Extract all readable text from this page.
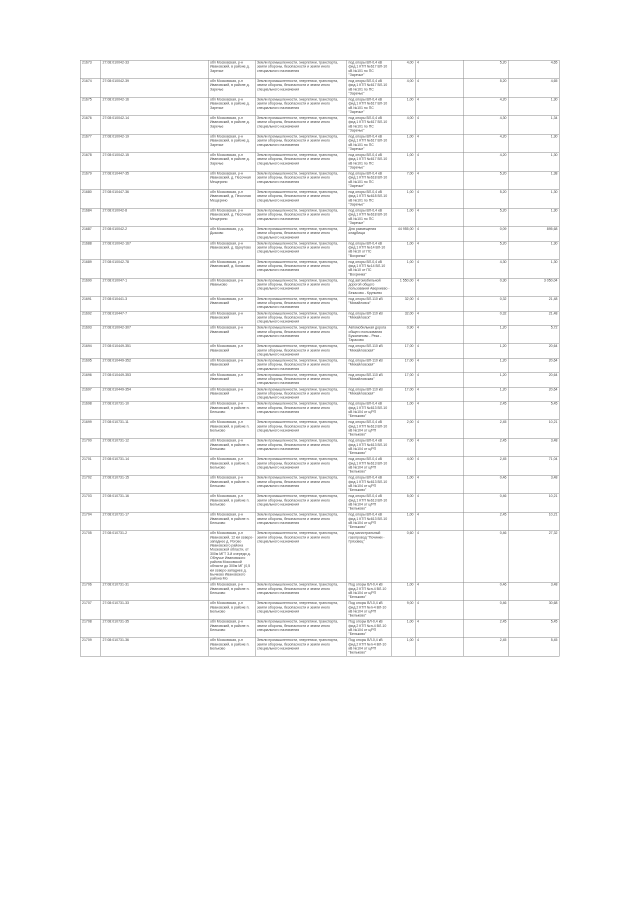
21673	27:08:010042-33	обл Московская, р-н Ивановский, в районе д. Заречье	Земли промышленности, энергетики, транспорта, земли обороны, безопасности и земли иного специального назначения	под опоры ВЛ-0,4 кВ фид.1 КТП №617 ВЛ-10 кВ №101 по ПС "Заречье"	4,00	4	5,20	4,65
21674	27:08:010042-39	обл Московская, р-н Ивановский, в районе д. Заречье	Земли промышленности, энергетики, транспорта, земли обороны, безопасности и земли иного специального назначения	под опоры ВЛ-0,4 кВ фид.1 КТП №617 ВЛ-10 кВ №101 по ПС "Заречье"	4,00	4	5,20	4,65
21675	27:08:010042-16	обл Московская, р-н Ивановский, в районе д. Заречье	Земли промышленности, энергетики, транспорта, земли обороны, безопасности и земли иного специального назначения	под опоры ВЛ-0,4 кВ фид.1 КТП №617 ВЛ-10 кВ №101 по ПС "Заречье"	1,00	4	4,20	1,30
21676	27:08:010042-14	обл Московская, р-н Ивановский, в районе д. Заречье	Земли промышленности, энергетики, транспорта, земли обороны, безопасности и земли иного специального назначения	под опоры ВЛ-0,4 кВ фид.1 КТП №617 ВЛ-10 кВ №101 по ПС "Заречье"	4,00	4	4,30	1,34
21677	27:08:010042-19	обл Московская, р-н Ивановский, в районе д. Заречье	Земли промышленности, энергетики, транспорта, земли обороны, безопасности и земли иного специального назначения	под опоры ВЛ-0,4 кВ фид.1 КТП №617 ВЛ-10 кВ №101 по ПС "Заречье"	1,00	4	4,20	1,30
21678	27:08:010042-15	обл Московская, р-н Ивановский, в районе д. Заречье	Земли промышленности, энергетики, транспорта, земли обороны, безопасности и земли иного специального назначения	под опоры ВЛ-0,4 кВ фид.1 КТП №617 ВЛ-10 кВ №101 по ПС "Заречье"	1,00	4	4,20	1,30
21679	27:08:010447-35	обл Московская, р-н Ивановский, д. Песочная Мещерино	Земли промышленности, энергетики, транспорта, земли обороны, безопасности и земли иного специального назначения	под опоры ВЛ-0,4 кВ фид.1 КТП №618 ВЛ-10 кВ №101 по ПС "Заречье"	7,00	4	5,20	1,38
21680	27:08:010447-36	обл Московская, р-н Ивановский, д. Песочная Мещерино	Земли промышленности, энергетики, транспорта, земли обороны, безопасности и земли иного специального назначения	под опоры ВЛ-0,4 кВ фид.1 КТП №618 ВЛ-10 кВ №101 по ПС "Заречье"	1,00	4	5,20	1,30
21684	27:08:010042-8	обл Московская, р-н Ивановский, д. Песочная Мещерино	Земли промышленности, энергетики, транспорта, земли обороны, безопасности и земли иного специального назначения	под опоры ВЛ-0,4 кВ фид.1 КТП №618 ВЛ-10 кВ №101 по ПС "Заречье"	1,00	4	5,20	1,30
21687	27:08:010042-2	обл Московская, у д. Дьяково	Земли промышленности, энергетики, транспорта, земли обороны, безопасности и земли иного специального назначения	Для размещения кладбища	44 955,00	4	0,09	895,68
21688	27:08:010042-167	обл Московская, р-н Ивановский, д. Щекутово	Земли промышленности, энергетики, транспорта, земли обороны, безопасности и земли иного специального назначения	под опоры ВЛ-0,4 кВ фид.1 КТП №14 ВЛ-10 кВ №10 от ПС "Вохринка"	1,00	4	5,20	1,30
21689	27:08:010042-78	обл Московская, р-н Ивановский, д. Конаково	Земли промышленности, энергетики, транспорта, земли обороны, безопасности и земли иного специального назначения	под опоры ВЛ-0,4 кВ фид.1 КТП №14 ВЛ-10 кВ №10 от ПС "Вохринка"	1,00	4	4,30	1,30
21690	27:08:010047-1	обл Московская, р-н Иваньково	Земли промышленности, энергетики, транспорта, земли обороны, безопасности и земли иного специального назначения	под автомобильной дорогой общего пользования Аверкиево - Бекасово - Крупьево	1 550,00	4	0,30	3 050,04
21691	27:08:010441-3	обл Московская, р-н Ивановский	Земли промышленности, энергетики, транспорта, земли обороны, безопасности и земли иного специального назначения	под опоры ВЛ-110 кВ "Михайловск"	32,00	4	0,32	21,48
21692	27:08:010447-7	обл Московская, р-н Ивановский	Земли промышленности, энергетики, транспорта, земли обороны, безопасности и земли иного специального назначения	под опоры ВЛ-110 кВ "Михайловск"	32,00	4	0,32	21,48
21693	27:08:010042-307	обл Московская, р-н Ивановский	Земли промышленности, энергетики, транспорта, земли обороны, безопасности и земли иного специального назначения	Автомобильная дорога общего пользования Бужаниново - Река - Тарасово	0,90	4	1,20	5,72
21694	27:08:010449-351	обл Московская, р-н Ивановский	Земли промышленности, энергетики, транспорта, земли обороны, безопасности и земли иного специального назначения	под опоры ВЛ-110 кВ "Михайловская"	17,00	4	1,20	20,64
21695	27:08:010449-352	обл Московская, р-н Ивановский	Земли промышленности, энергетики, транспорта, земли обороны, безопасности и земли иного специального назначения	под опоры ВЛ-110 кВ "Михайловская"	17,00	4	1,20	20,64
21696	27:08:010449-353	обл Московская, р-н Ивановский	Земли промышленности, энергетики, транспорта, земли обороны, безопасности и земли иного специального назначения	под опоры ВЛ-110 кВ "Михайловская"	17,00	4	1,20	20,64
21697	27:08:010449-354	обл Московская, р-н Ивановский	Земли промышленности, энергетики, транспорта, земли обороны, безопасности и земли иного специального назначения	под опоры ВЛ-110 кВ "Михайловская"	17,00	4	1,20	20,64
21698	27:08:010731-10	обл Московская, р-н Ивановский, в районе п. Бельково	Земли промышленности, энергетики, транспорта, земли обороны, безопасности и земли иного специального назначения	под опоры ВЛ-0,4 кВ фид.1 КТП №613 ВЛ-10 кВ №104 от ц/РП "Бельково"	1,00	4	2,45	5,45
21699	27:08:010731-11	обл Московская, р-н Ивановский, в районе п. Бельково	Земли промышленности, энергетики, транспорта, земли обороны, безопасности и земли иного специального назначения	под опоры ВЛ-0,4 кВ фид.1 КТП №613 ВЛ-10 кВ №104 от ц/РП "Бельково"	2,00	4	2,45	10,21
21700	27:08:010731-12	обл Московская, р-н Ивановский, в районе п. Бельково	Земли промышленности, энергетики, транспорта, земли обороны, безопасности и земли иного специального назначения	под опоры ВЛ-0,4 кВ фид.1 КТП №613 ВЛ-10 кВ №104 от ц/РП "Бельково"	7,00	4	2,45	3,48
21701	27:08:010731-14	обл Московская, р-н Ивановский, в районе п. Бельково	Земли промышленности, энергетики, транспорта, земли обороны, безопасности и земли иного специального назначения	под опоры ВЛ-0,4 кВ фид.1 КТП №613 ВЛ-10 кВ №104 от ц/РП "Бельково"	4,00	4	2,45	71,04
21702	27:08:010731-15	обл Московская, р-н Ивановский, в районе п. Бельково	Земли промышленности, энергетики, транспорта, земли обороны, безопасности и земли иного специального назначения	под опоры ВЛ-0,4 кВ фид.1 КТП №613 ВЛ-10 кВ №104 от ц/РП "Бельково"	1,00	4	0,46	3,48
21703	27:08:010731-16	обл Московская, р-н Ивановский, в районе п. Бельково	Земли промышленности, энергетики, транспорта, земли обороны, безопасности и земли иного специального назначения	под опоры ВЛ-0,4 кВ фид.1 КТП №613 ВЛ-10 кВ №104 от ц/РП "Бельково"	5,00	4	0,46	10,21
21704	27:08:010731-17	обл Московская, р-н Ивановский, в районе п. Бельково	Земли промышленности, энергетики, транспорта, земли обороны, безопасности и земли иного специального назначения	под опоры ВЛ-0,4 кВ фид.1 КТП №613 ВЛ-10 кВ №104 от ц/РП "Бельково"	1,00	4	2,45	10,21
21705	27:08:010731-2	обл Московская, р-н Ивановский, 12 км северо-западнее д. Рогово Ивановского района Московской области, от 300м МГТ 3-й очереди д. Облучье Ивановского района Московской области до 300м МГ (0,5 км северо-западнее д. Бычково Ивановского района Мо	Земли промышленности, энергетики, транспорта, земли обороны, безопасности и земли иного специального назначения	под магистральный газопровод "Починки - Грязовец"	0,60	4	0,46	27,32
21706	27:08:010731-31	обл Московская, р-н Ивановский, в районе п. Бельково	Земли промышленности, энергетики, транспорта, земли обороны, безопасности и земли иного специального назначения	Под опоры ВЛ-0,4 кВ фид.2 КТП №п-4 ВЛ-10 кВ №104 от ц/РП "Бельково"	1,00	4	0,46	3,48
21707	27:08:010731-33	обл Московская, р-н Ивановский, в районе п. Бельково	Земли промышленности, энергетики, транспорта, земли обороны, безопасности и земли иного специального назначения	Под опоры ВЛ-0,4 кВ фид.2 КТП №п-4 ВЛ-10 кВ №104 от ц/РП "Бельково"	9,00	4	0,46	30,68
21708	27:08:010731-35	обл Московская, р-н Ивановский, в районе п. Бельково	Земли промышленности, энергетики, транспорта, земли обороны, безопасности и земли иного специального назначения	Под опоры ВЛ-0,4 кВ фид.2 КТП №п-4 ВЛ-10 кВ №104 от ц/РП "Бельково"	1,00	4	2,45	5,45
21709	27:08:010731-36	обл Московская, р-н Ивановский, в районе п. Бельково	Земли промышленности, энергетики, транспорта, земли обороны, безопасности и земли иного специального назначения	Под опоры ВЛ-0,4 кВ фид.2 КТП №п-4 ВЛ-10 кВ №104 от ц/РП "Бельково"	1,00	4	2,45	5,45
